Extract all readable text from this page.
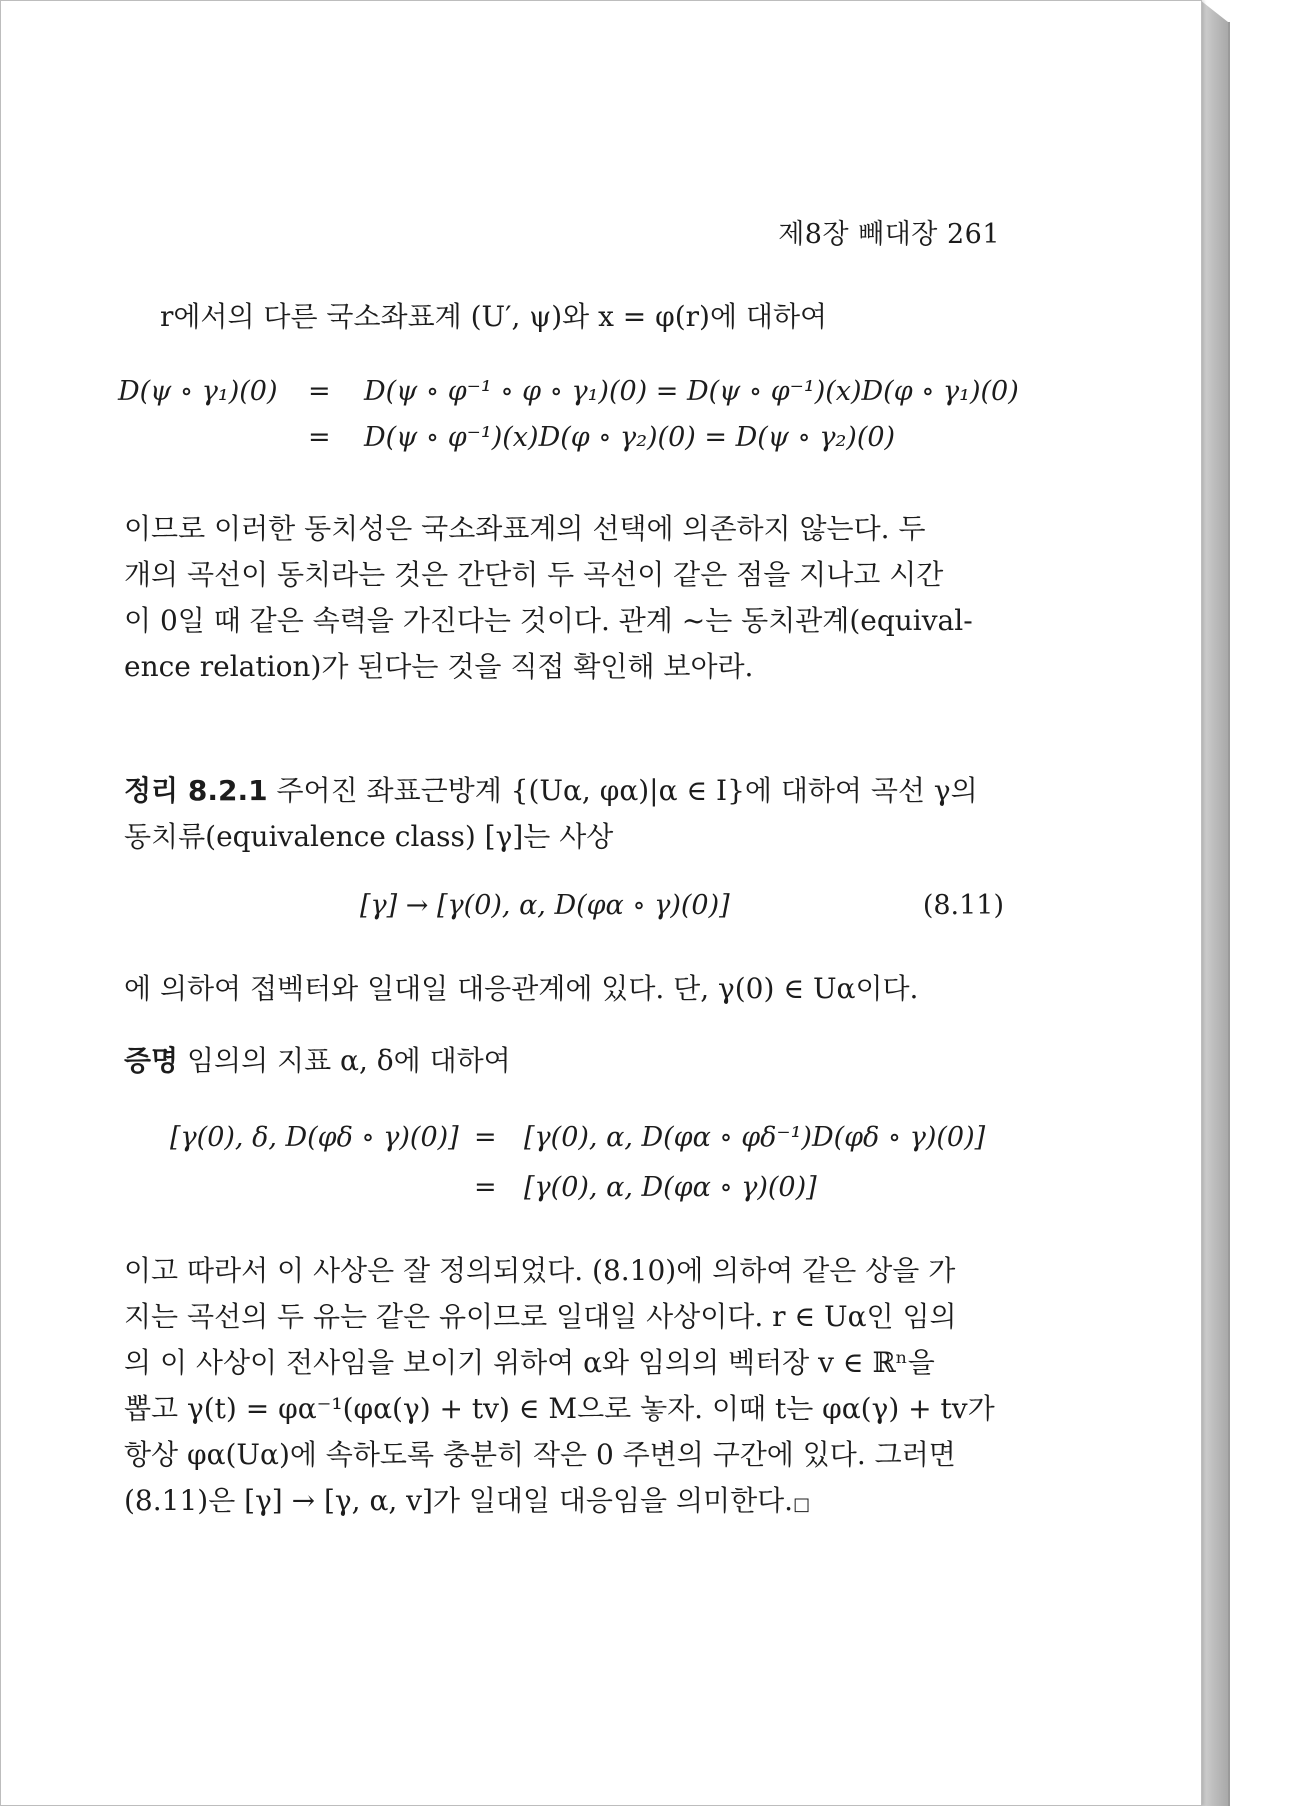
제8장 빼대장 261
r에서의 다른 국소좌표계 (U′, ψ)와 x = φ(r)에 대하여
D(ψ ∘ γ₁)(0) = D(ψ ∘ φ⁻¹ ∘ φ ∘ γ₁)(0) = D(ψ ∘ φ⁻¹)(x)D(φ ∘ γ₁)(0)
= D(ψ ∘ φ⁻¹)(x)D(φ ∘ γ₂)(0) = D(ψ ∘ γ₂)(0)
이므로 이러한 동치성은 국소좌표계의 선택에 의존하지 않는다. 두
개의 곡선이 동치라는 것은 간단히 두 곡선이 같은 점을 지나고 시간
이 0일 때 같은 속력을 가진다는 것이다. 관계 ~는 동치관계(equival-
ence relation)가 된다는 것을 직접 확인해 보아라.
정리 8.2.1 주어진 좌표근방계 {(Uα, φα)|α ∈ I}에 대하여 곡선 γ의
동치류(equivalence class) [γ]는 사상
[γ] → [γ(0), α, D(φα ∘ γ)(0)]	(8.11)
에 의하여 접벡터와 일대일 대응관계에 있다. 단, γ(0) ∈ Uα이다.
증명 임의의 지표 α, δ에 대하여
[γ(0), δ, D(φδ ∘ γ)(0)] = [γ(0), α, D(φα ∘ φδ⁻¹)D(φδ ∘ γ)(0)]
= [γ(0), α, D(φα ∘ γ)(0)]
이고 따라서 이 사상은 잘 정의되었다. (8.10)에 의하여 같은 상을 가
지는 곡선의 두 유는 같은 유이므로 일대일 사상이다. r ∈ Uα인 임의
의 이 사상이 전사임을 보이기 위하여 α와 임의의 벡터장 v ∈ ℝⁿ을
뽑고 γ(t) = φα⁻¹(φα(γ) + tv) ∈ M으로 놓자. 이때 t는 φα(γ) + tv가
항상 φα(Uα)에 속하도록 충분히 작은 0 주변의 구간에 있다. 그러면
(8.11)은 [γ] → [γ, α, v]가 일대일 대응임을 의미한다.□
